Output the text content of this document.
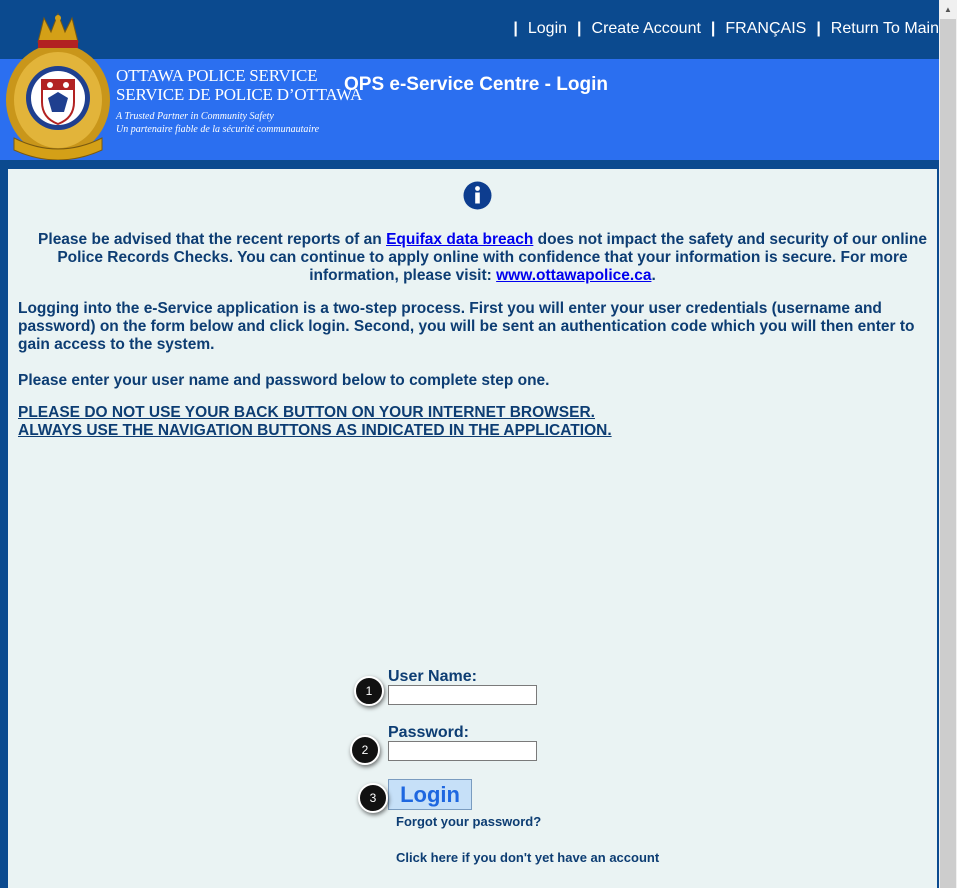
| Login | Create Account | FRANÇAIS | Return To Main
OTTAWA POLICE SERVICE
SERVICE DE POLICE D’OTTAWA
A Trusted Partner in Community Safety
Un partenaire fiable de la sécurité communautaire
OPS e-Service Centre - Login
Please be advised that the recent reports of an Equifax data breach does not impact the safety and security of our online Police Records Checks. You can continue to apply online with confidence that your information is secure. For more information, please visit: www.ottawapolice.ca.
Logging into the e-Service application is a two-step process. First you will enter your user credentials (username and password) on the form below and click login. Second, you will be sent an authentication code which you will then enter to gain access to the system.
Please enter your user name and password below to complete step one.
PLEASE DO NOT USE YOUR BACK BUTTON ON YOUR INTERNET BROWSER.
ALWAYS USE THE NAVIGATION BUTTONS AS INDICATED IN THE APPLICATION.
User Name:
Password:
Login
Forgot your password?
Click here if you don't yet have an account
1
2
3
▲
